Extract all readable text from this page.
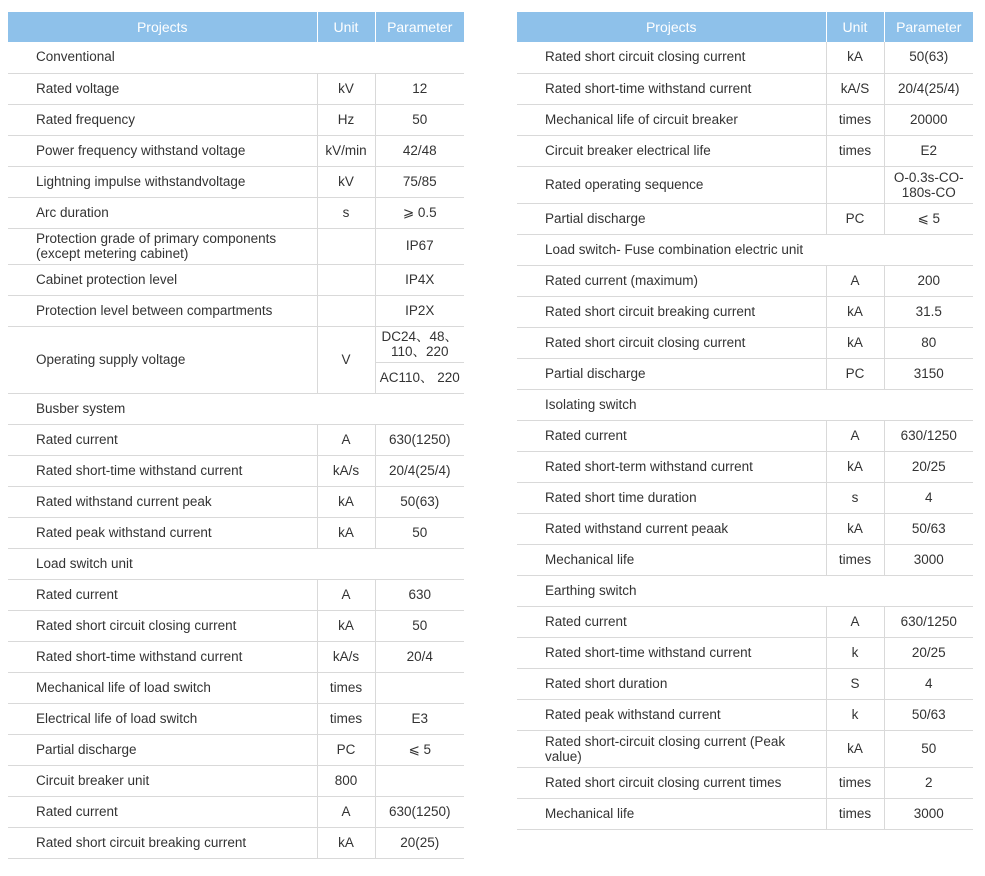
Projects	Unit	Parameter
Conventional		
Rated voltage	kV	12
Rated frequency	Hz	50
Power frequency withstand voltage	kV/min	42/48
Lightning impulse withstandvoltage	kV	75/85
Arc duration	s	⩾ 0.5
Protection grade of primary components (except metering cabinet)		IP67
Cabinet protection level		IP4X
Protection level between compartments		IP2X
Operating supply voltage	V	DC24、48、110、220
		AC110、 220
Busber system		
Rated current	A	630(1250)
Rated short-time withstand current	kA/s	20/4(25/4)
Rated withstand current peak	kA	50(63)
Rated peak withstand current	kA	50
Load switch unit		
Rated current	A	630
Rated short circuit closing current	kA	50
Rated short-time withstand current	kA/s	20/4
Mechanical life of load switch	times	
Electrical life of load switch	times	E3
Partial discharge	PC	⩽ 5
Circuit breaker unit	800	
Rated current	A	630(1250)
Rated short circuit breaking current	kA	20(25)
Projects	Unit	Parameter
Rated short circuit closing current	kA	50(63)
Rated short-time withstand current	kA/S	20/4(25/4)
Mechanical life of circuit breaker	times	20000
Circuit breaker electrical life	times	E2
Rated operating sequence		O-0.3s-CO-180s-CO
Partial discharge	PC	⩽ 5
Load switch- Fuse combination electric unit		
Rated current (maximum)	A	200
Rated short circuit breaking current	kA	31.5
Rated short circuit closing current	kA	80
Partial discharge	PC	3150
Isolating switch		
Rated current	A	630/1250
Rated short-term withstand current	kA	20/25
Rated short time duration	s	4
Rated withstand current peaak	kA	50/63
Mechanical life	times	3000
Earthing switch		
Rated current	A	630/1250
Rated short-time withstand current	k	20/25
Rated short duration	S	4
Rated peak withstand current	k	50/63
Rated short-circuit closing current (Peak value)	kA	50
Rated short circuit closing current times	times	2
Mechanical life	times	3000
